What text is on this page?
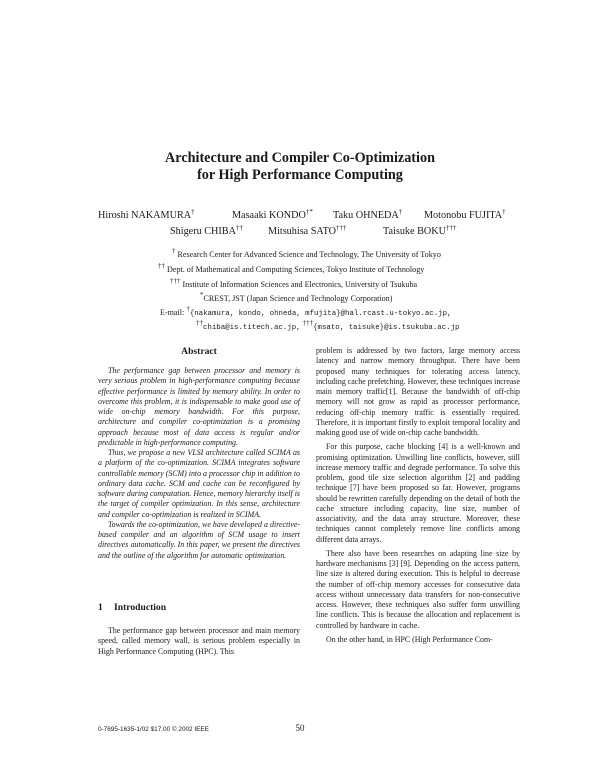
Architecture and Compiler Co-Optimization
for High Performance Computing
Hiroshi NAKAMURA†	Masaaki KONDO†* Taku OHNEDA† Motonobu FUJITA†
Shigeru CHIBA†† Mitsuhisa SATO†††	Taisuke BOKU†††
† Research Center for Advanced Science and Technology, The University of Tokyo
†† Dept. of Mathematical and Computing Sciences, Tokyo Institute of Technology
††† Institute of Information Sciences and Electronics, University of Tsukuba
*CREST, JST (Japan Science and Technology Corporation)
E-mail: †{nakamura, kondo, ohneda, mfujita}@hal.rcast.u-tokyo.ac.jp,
††chiba@is.titech.ac.jp, †††{msato, taisuke}@is.tsukuba.ac.jp
Abstract

The performance gap between processor and memory is very serious problem in high-performance computing because effective performance is limited by memory ability. In order to overcome this problem, it is indispensable to make good use of wide on-chip memory bandwidth. For this purpose, architecture and compiler co-optimization is a promising approach because most of data access is regular and/or predictable in high-performance computing.

Thus, we propose a new VLSI architecture called SCIMA as a platform of the co-optimization. SCIMA integrates software controllable memory (SCM) into a processor chip in addition to ordinary data cache. SCM and cache can be reconfigured by software during computation. Hence, memory hierarchy itself is the target of compiler optimization. In this sense, architecture and compiler co-optimization is realized in SCIMA.

Towards the co-optimization, we have developed a directive-based compiler and an algorithm of SCM usage to insert directives automatically. In this paper, we present the directives and the outline of the algorithm for automatic optimization.

1 Introduction

The performance gap between processor and main memory speed, called memory wall, is serious problem especially in High Performance Computing (HPC). This

problem is addressed by two factors, large memory access latency and narrow memory throughput. There have been proposed many techniques for tolerating access latency, including cache prefetching. However, these techniques increase main memory traffic[1]. Because the bandwidth of off-chip memory will not grow as rapid as processor performance, reducing off-chip memory traffic is essentially required. Therefore, it is important firstly to exploit temporal locality and making good use of wide on-chip cache bandwidth.

For this purpose, cache blocking [4] is a well-known and promising optimization. Unwilling line conflicts, however, still increase memory traffic and degrade performance. To solve this problem, good tile size selection algorithm [2] and padding technique [7] have been proposed so far. However, programs should be rewritten carefully depending on the detail of both the cache structure including capacity, line size, number of associativity, and the data array structure. Moreover, these techniques cannot completely remove line conflicts among different data arrays.

There also have been researches on adapting line size by hardware mechanisms [3] [9]. Depending on the access pattern, line size is altered during execution. This is helpful to decrease the number of off-chip memory accesses for consecutive data access without unnecessary data transfers for non-consecutive access. However, these techniques also suffer form unwilling line conflicts. This is because the allocation and replacement is controlled by hardware in cache.

On the other hand, in HPC (High Performance Com-

0-7695-1635-1/02 $17.00 © 2002 IEEE	50
